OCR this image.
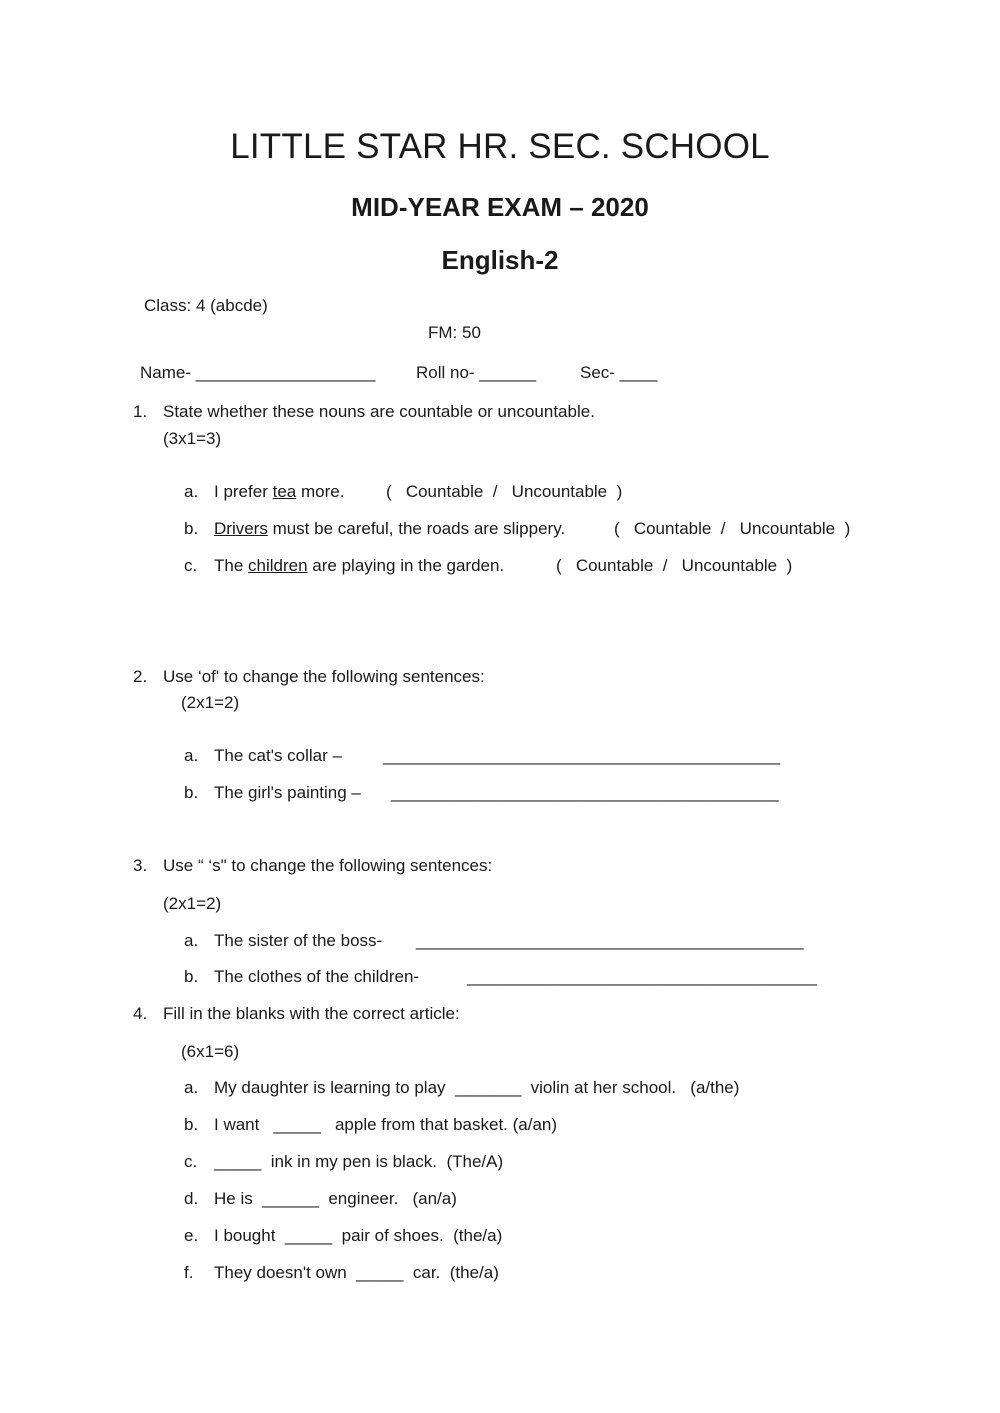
LITTLE STAR HR. SEC. SCHOOL
MID-YEAR EXAM – 2020
English-2
Class: 4 (abcde)
FM: 50
Name- ___________________ Roll no- ______	Sec- ____
1. State whether these nouns are countable or uncountable.
(3x1=3)
a. I prefer tea more. (   Countable  /   Uncountable  )
b. Drivers must be careful, the roads are slippery.	(   Countable  /   Uncountable  )
c. The children are playing in the garden.	(   Countable  /   Uncountable  )
2. Use ‘of' to change the following sentences:
(2x1=2)
a. The cat's collar – __________________________________________
b. The girl's painting – _________________________________________
3. Use “ ‘s" to change the following sentences:
(2x1=2)
a. The sister of the boss- _________________________________________
b. The clothes of the children-	_____________________________________
4. Fill in the blanks with the correct article:
(6x1=6)
a. My daughter is learning to play  _______  violin at her school.   (a/the)
b. I want   _____   apple from that basket. (a/an)
c. _____  ink in my pen is black.  (The/A)
d. He is  ______  engineer.   (an/a)
e. I bought  _____  pair of shoes.  (the/a)
f. They doesn't own  _____  car.  (the/a)
